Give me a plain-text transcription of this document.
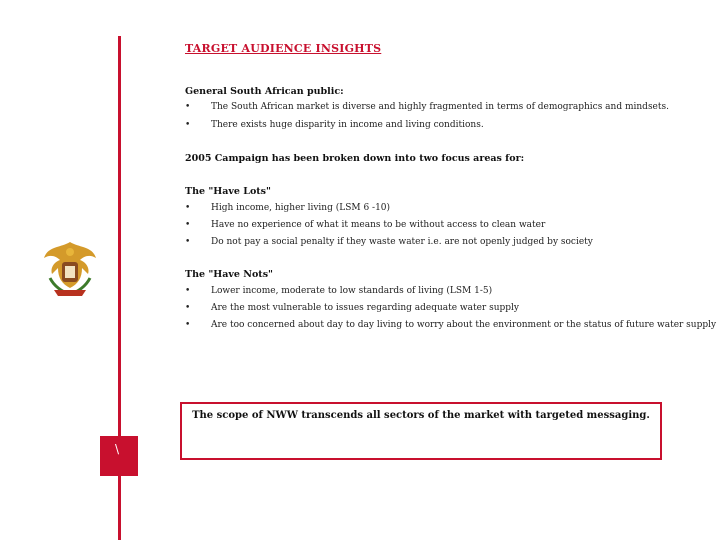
\
TARGET AUDIENCE INSIGHTS
General South African public:
• The South African market is diverse and highly fragmented in terms of demographics and mindsets.
• There exists huge disparity in income and living conditions.
2005 Campaign has been broken down into two focus areas for:
The "Have Lots"
• High income, higher living (LSM 6 -10)
• Have no experience of what it means to be without access to clean water
• Do not pay a social penalty if they waste water i.e. are not openly judged by society
The "Have Nots"
• Lower income, moderate to low standards of living (LSM 1-5)
• Are the most vulnerable to issues regarding adequate water supply
• Are too concerned about day to day living to worry about the environment or the status of future water supply
The scope of NWW transcends all sectors of the market with targeted messaging.
